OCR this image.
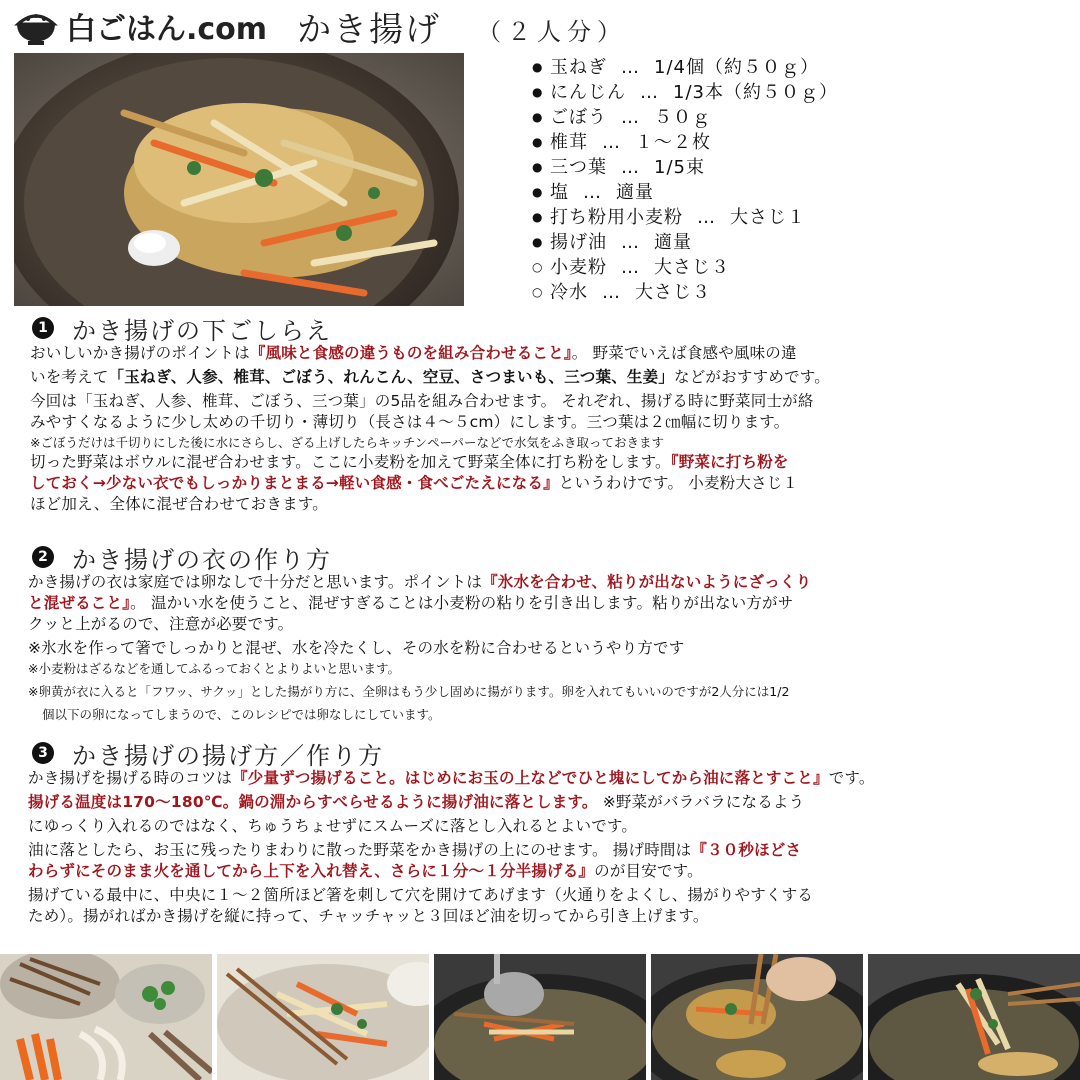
白ごはん.com かき揚げ （２人分）
● 玉ねぎ … 1/4個（約５０ｇ）
● にんじん … 1/3本（約５０ｇ）
● ごぼう … ５０ｇ
● 椎茸 … １〜２枚
● 三つ葉 … 1/5束
● 塩 … 適量
● 打ち粉用小麦粉 … 大さじ１
● 揚げ油 … 適量
○ 小麦粉 … 大さじ３
○ 冷水 … 大さじ３
1 かき揚げの下ごしらえ

おいしいかき揚げのポイントは『風味と食感の違うものを組み合わせること』。 野菜でいえば食感や風味の違

いを考えて「玉ねぎ、人参、椎茸、ごぼう、れんこん、空豆、さつまいも、三つ葉、生姜」などがおすすめです。

今回は「玉ねぎ、人参、椎茸、ごぼう、三つ葉」の5品を組み合わせます。 それぞれ、揚げる時に野菜同士が絡

みやすくなるように少し太めの千切り・薄切り（長さは４〜５cm）にします。三つ葉は２㎝幅に切ります。

※ごぼうだけは千切りにした後に水にさらし、ざる上げしたらキッチンペーパーなどで水気をふき取っておきます

切った野菜はボウルに混ぜ合わせます。ここに小麦粉を加えて野菜全体に打ち粉をします。『野菜に打ち粉を

しておく→少ない衣でもしっかりまとまる→軽い食感・食べごたえになる』というわけです。 小麦粉大さじ１

ほど加え、全体に混ぜ合わせておきます。

2 かき揚げの衣の作り方

かき揚げの衣は家庭では卵なしで十分だと思います。ポイントは『氷水を合わせ、粘りが出ないようにざっくり

と混ぜること』。 温かい水を使うこと、混ぜすぎることは小麦粉の粘りを引き出します。粘りが出ない方がサ

クッと上がるので、注意が必要です。

※氷水を作って箸でしっかりと混ぜ、水を冷たくし、その水を粉に合わせるというやり方です

※小麦粉はざるなどを通してふるっておくとよりよいと思います。

※卵黄が衣に入ると「フワッ、サクッ」とした揚がり方に、全卵はもう少し固めに揚がります。卵を入れてもいいのですが2人分には1/2

個以下の卵になってしまうので、このレシピでは卵なしにしています。

3 かき揚げの揚げ方／作り方

かき揚げを揚げる時のコツは『少量ずつ揚げること。はじめにお玉の上などでひと塊にしてから油に落とすこと』です。

揚げる温度は170〜180℃。鍋の淵からすべらせるように揚げ油に落とします。 ※野菜がバラバラになるよう

にゆっくり入れるのではなく、ちゅうちょせずにスムーズに落とし入れるとよいです。

油に落としたら、お玉に残ったりまわりに散った野菜をかき揚げの上にのせます。 揚げ時間は『３０秒ほどさ

わらずにそのまま火を通してから上下を入れ替え、さらに１分〜１分半揚げる』のが目安です。

揚げている最中に、中央に１〜２箇所ほど箸を刺して穴を開けてあげます（火通りをよくし、揚がりやすくする

ため）。揚がればかき揚げを縦に持って、チャッチャッと３回ほど油を切ってから引き上げます。
